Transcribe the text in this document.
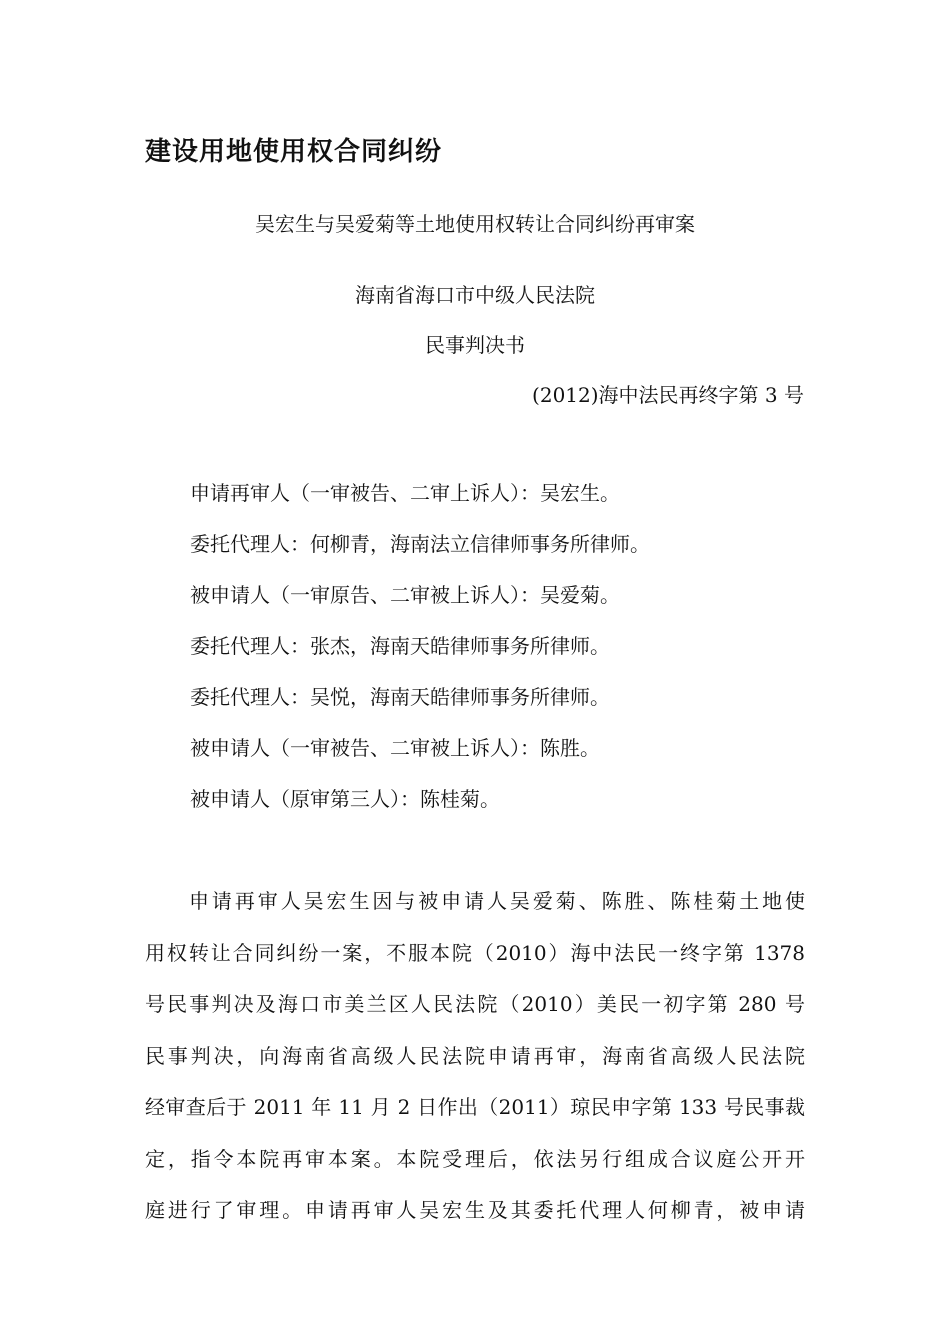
建设用地使用权合同纠纷
吴宏生与吴爱菊等土地使用权转让合同纠纷再审案
海南省海口市中级人民法院
民事判决书
(2012)海中法民再终字第 3 号
申请再审人（一审被告、二审上诉人）：吴宏生。
委托代理人：何柳青，海南法立信律师事务所律师。
被申请人（一审原告、二审被上诉人）：吴爱菊。
委托代理人：张杰，海南天皓律师事务所律师。
委托代理人：吴悦，海南天皓律师事务所律师。
被申请人（一审被告、二审被上诉人）：陈胜。
被申请人（原审第三人）：陈桂菊。
申请再审人吴宏生因与被申请人吴爱菊、陈胜、陈桂菊土地使
用权转让合同纠纷一案，不服本院（2010）海中法民一终字第 1378
号民事判决及海口市美兰区人民法院（2010）美民一初字第 280 号
民事判决，向海南省高级人民法院申请再审，海南省高级人民法院
经审查后于 2011 年 11 月 2 日作出（2011）琼民申字第 133 号民事裁
定，指令本院再审本案。本院受理后，依法另行组成合议庭公开开
庭进行了审理。申请再审人吴宏生及其委托代理人何柳青，被申请
